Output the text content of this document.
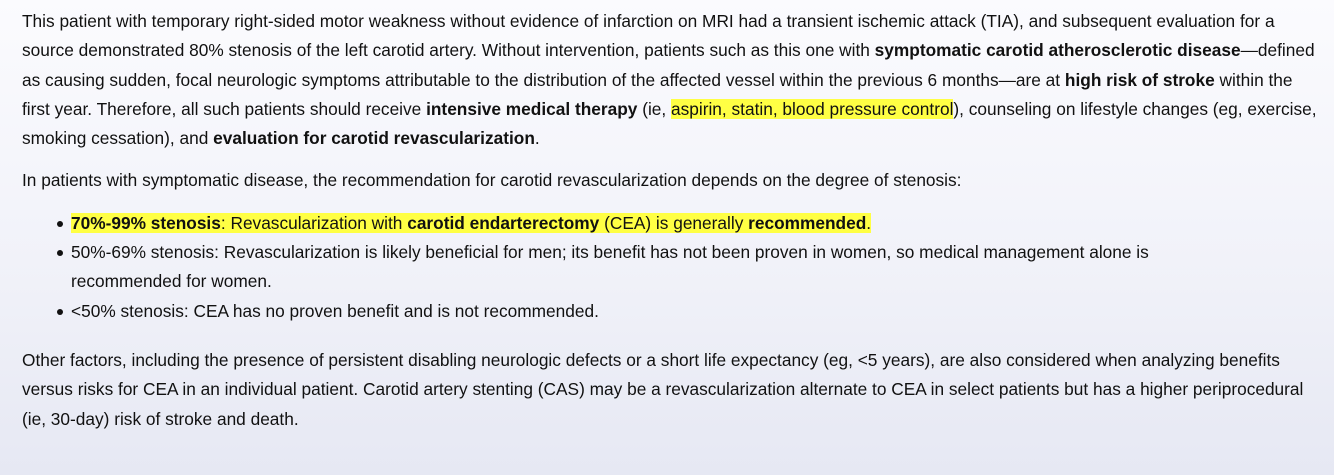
This patient with temporary right-sided motor weakness without evidence of infarction on MRI had a transient ischemic attack (TIA), and subsequent evaluation for a source demonstrated 80% stenosis of the left carotid artery. Without intervention, patients such as this one with symptomatic carotid atherosclerotic disease—defined as causing sudden, focal neurologic symptoms attributable to the distribution of the affected vessel within the previous 6 months—are at high risk of stroke within the first year. Therefore, all such patients should receive intensive medical therapy (ie, aspirin, statin, blood pressure control), counseling on lifestyle changes (eg, exercise, smoking cessation), and evaluation for carotid revascularization.

In patients with symptomatic disease, the recommendation for carotid revascularization depends on the degree of stenosis:

70%-99% stenosis: Revascularization with carotid endarterectomy (CEA) is generally recommended.
50%-69% stenosis: Revascularization is likely beneficial for men; its benefit has not been proven in women, so medical management alone is recommended for women.
<50% stenosis: CEA has no proven benefit and is not recommended.

Other factors, including the presence of persistent disabling neurologic defects or a short life expectancy (eg, <5 years), are also considered when analyzing benefits versus risks for CEA in an individual patient. Carotid artery stenting (CAS) may be a revascularization alternate to CEA in select patients but has a higher periprocedural (ie, 30-day) risk of stroke and death.
